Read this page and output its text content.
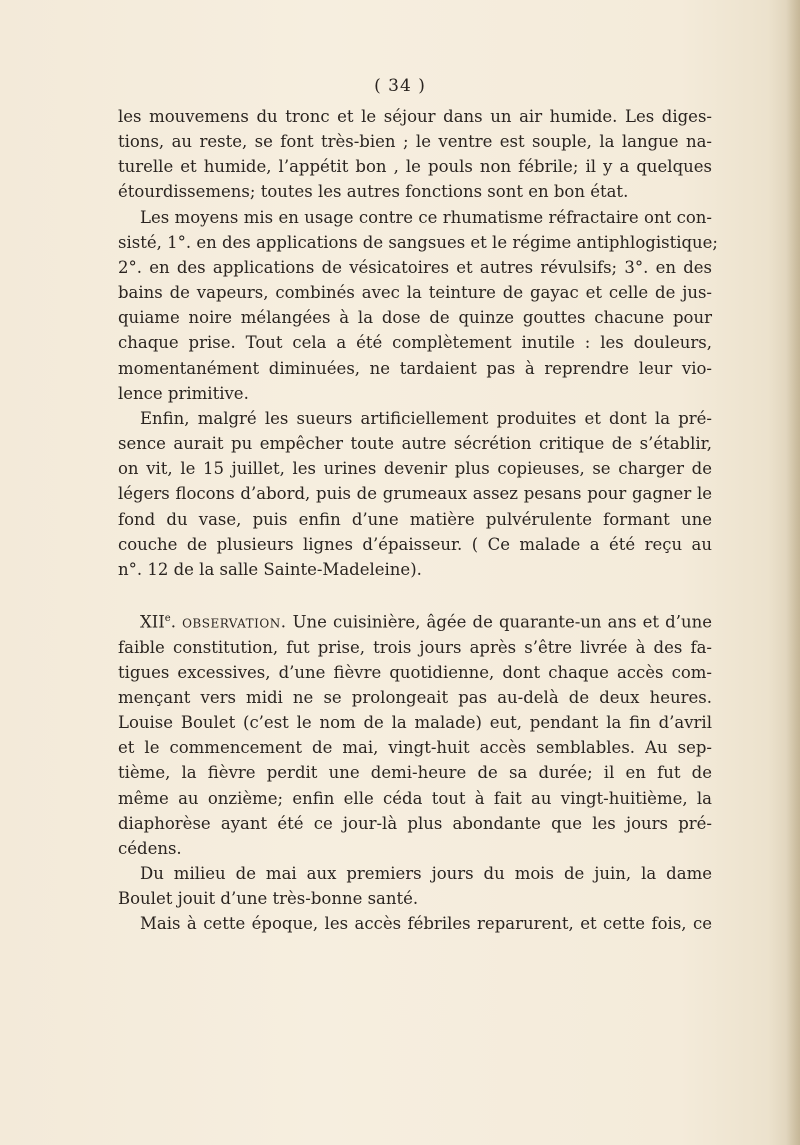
( 34 )
les mouvemens du tronc et le séjour dans un air humide. Les diges-
tions, au reste, se font très-bien ; le ventre est souple, la langue na-
turelle et humide, l’appétit bon , le pouls non fébrile; il y a quelques
étourdissemens; toutes les autres fonctions sont en bon état.
Les moyens mis en usage contre ce rhumatisme réfractaire ont con-
sisté, 1°. en des applications de sangsues et le régime antiphlogistique;
2°. en des applications de vésicatoires et autres révulsifs; 3°. en des
bains de vapeurs, combinés avec la teinture de gayac et celle de jus-
quiame noire mélangées à la dose de quinze gouttes chacune pour
chaque prise. Tout cela a été complètement inutile : les douleurs,
momentanément diminuées, ne tardaient pas à reprendre leur vio-
lence primitive.
Enfin, malgré les sueurs artificiellement produites et dont la pré-
sence aurait pu empêcher toute autre sécrétion critique de s’établir,
on vit, le 15 juillet, les urines devenir plus copieuses, se charger de
légers flocons d’abord, puis de grumeaux assez pesans pour gagner le
fond du vase, puis enfin d’une matière pulvérulente formant une
couche de plusieurs lignes d’épaisseur. ( Ce malade a été reçu au
n°. 12 de la salle Sainte-Madeleine).
XIIe. observation. Une cuisinière, âgée de quarante-un ans et d’une
faible constitution, fut prise, trois jours après s’être livrée à des fa-
tigues excessives, d’une fièvre quotidienne, dont chaque accès com-
mençant vers midi ne se prolongeait pas au-delà de deux heures.
Louise Boulet (c’est le nom de la malade) eut, pendant la fin d’avril
et le commencement de mai, vingt-huit accès semblables. Au sep-
tième, la fièvre perdit une demi-heure de sa durée; il en fut de
même au onzième; enfin elle céda tout à fait au vingt-huitième, la
diaphorèse ayant été ce jour-là plus abondante que les jours pré-
cédens.
Du milieu de mai aux premiers jours du mois de juin, la dame
Boulet jouit d’une très-bonne santé.
Mais à cette époque, les accès fébriles reparurent, et cette fois, ce
